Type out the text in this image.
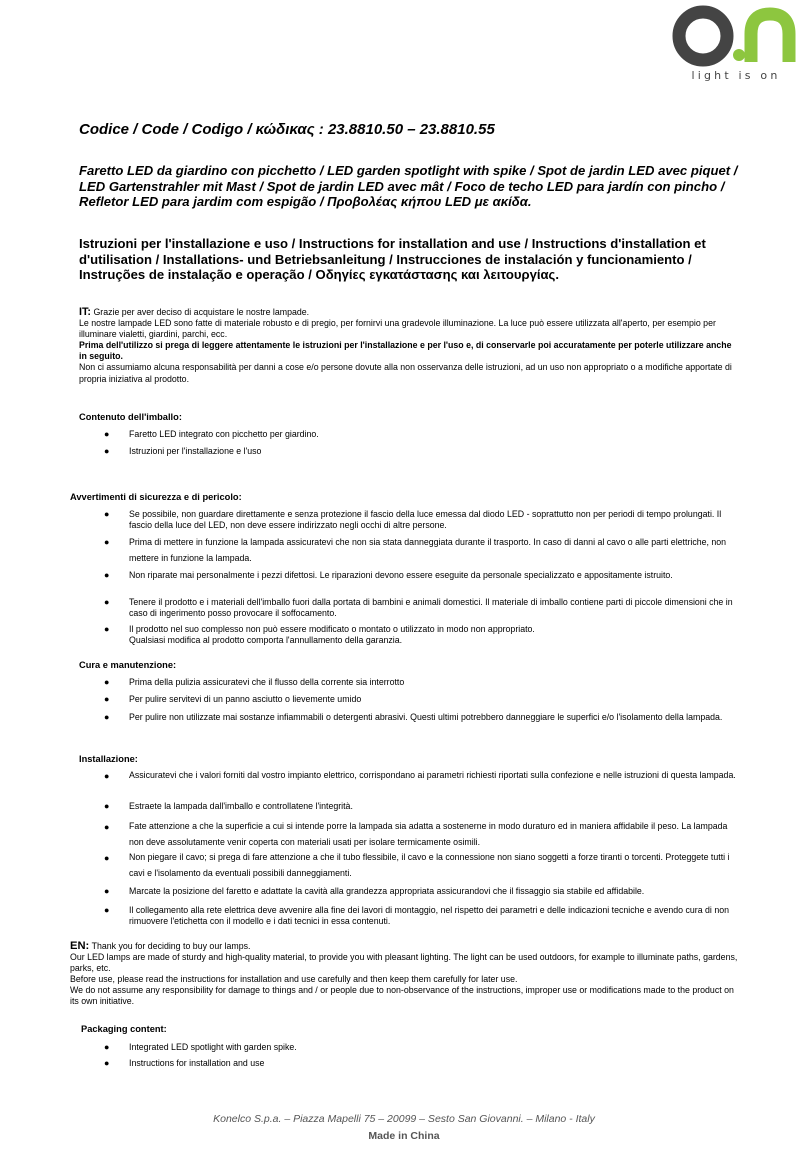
light is on
Codice / Code / Codigo / κώδικας : 23.8810.50 – 23.8810.55
Faretto LED da giardino con picchetto / LED garden spotlight with spike / Spot de jardin LED avec piquet / LED Gartenstrahler mit Mast / Spot de jardin LED avec mât / Foco de techo LED para jardín con pincho / Refletor LED para jardim com espigão / Προβολέας κήπου LED με ακίδα.
Istruzioni per l'installazione e uso / Instructions for installation and use / Instructions d'installation et d'utilisation / Installations- und Betriebsanleitung / Instrucciones de instalación y funcionamiento / Instruções de instalação e operação / Οδηγίες εγκατάστασης και λειτουργίας.

IT: Grazie per aver deciso di acquistare le nostre lampade.

Le nostre lampade LED sono fatte di materiale robusto e di pregio, per fornirvi una gradevole illuminazione. La luce può essere utilizzata all'aperto, per esempio per illuminare vialetti, giardini, parchi, ecc.

Prima dell'utilizzo si prega di leggere attentamente le istruzioni per l'installazione e per l'uso e, di conservarle poi accuratamente per poterle utilizzare anche in seguito.

Non ci assumiamo alcuna responsabilità per danni a cose e/o persone dovute alla non osservanza delle istruzioni, ad un uso non appropriato o a modifiche apportate di propria iniziativa al prodotto.

Contenuto dell'imballo:
● Faretto LED integrato con picchetto per giardino.
● Istruzioni per l'installazione e l'uso
Avvertimenti di sicurezza e di pericolo:
● Se possibile, non guardare direttamente e senza protezione il fascio della luce emessa dal diodo LED - soprattutto non per periodi di tempo prolungati. Il fascio della luce del LED, non deve essere indirizzato negli occhi di altre persone.
● Prima di mettere in funzione la lampada assicuratevi che non sia stata danneggiata durante il trasporto. In caso di danni al cavo o alle parti elettriche, non mettere in funzione la lampada.
● Non riparate mai personalmente i pezzi difettosi. Le riparazioni devono essere eseguite da personale specializzato e appositamente istruito.
● Tenere il prodotto e i materiali dell'imballo fuori dalla portata di bambini e animali domestici. Il materiale di imballo contiene parti di piccole dimensioni che in caso di ingerimento posso provocare il soffocamento.
● Il prodotto nel suo complesso non può essere modificato o montato o utilizzato in modo non appropriato.
Qualsiasi modifica al prodotto comporta l'annullamento della garanzia.
Cura e manutenzione:
● Prima della pulizia assicuratevi che il flusso della corrente sia interrotto
● Per pulire servitevi di un panno asciutto o lievemente umido
● Per pulire non utilizzate mai sostanze infiammabili o detergenti abrasivi. Questi ultimi potrebbero danneggiare le superfici e/o l'isolamento della lampada.
Installazione:
● Assicuratevi che i valori forniti dal vostro impianto elettrico, corrispondano ai parametri richiesti riportati sulla confezione e nelle istruzioni di questa lampada.
● Estraete la lampada dall'imballo e controllatene l'integrità.
● Fate attenzione a che la superficie a cui si intende porre la lampada sia adatta a sostenerne in modo duraturo ed in maniera affidabile il peso. La lampada non deve assolutamente venir coperta con materiali usati per isolare termicamente osimili.
● Non piegare il cavo; si prega di fare attenzione a che il tubo flessibile, il cavo e la connessione non siano soggetti a forze tiranti o torcenti. Proteggete tutti i cavi e l'isolamento da eventuali possibili danneggiamenti.
● Marcate la posizione del faretto e adattate la cavità alla grandezza appropriata assicurandovi che il fissaggio sia stabile ed affidabile.
● Il collegamento alla rete elettrica deve avvenire alla fine dei lavori di montaggio, nel rispetto dei parametri e delle indicazioni tecniche e avendo cura di non rimuovere l'etichetta con il modello e i dati tecnici in essa contenuti.

EN: Thank you for deciding to buy our lamps.

Our LED lamps are made of sturdy and high-quality material, to provide you with pleasant lighting. The light can be used outdoors, for example to illuminate paths, gardens, parks, etc.

Before use, please read the instructions for installation and use carefully and then keep them carefully for later use.

We do not assume any responsibility for damage to things and / or people due to non-observance of the instructions, improper use or modifications made to the product on its own initiative.

Packaging content:
● Integrated LED spotlight with garden spike.
● Instructions for installation and use
Konelco S.p.a. – Piazza Mapelli 75 – 20099 – Sesto San Giovanni. – Milano - Italy
Made in China
